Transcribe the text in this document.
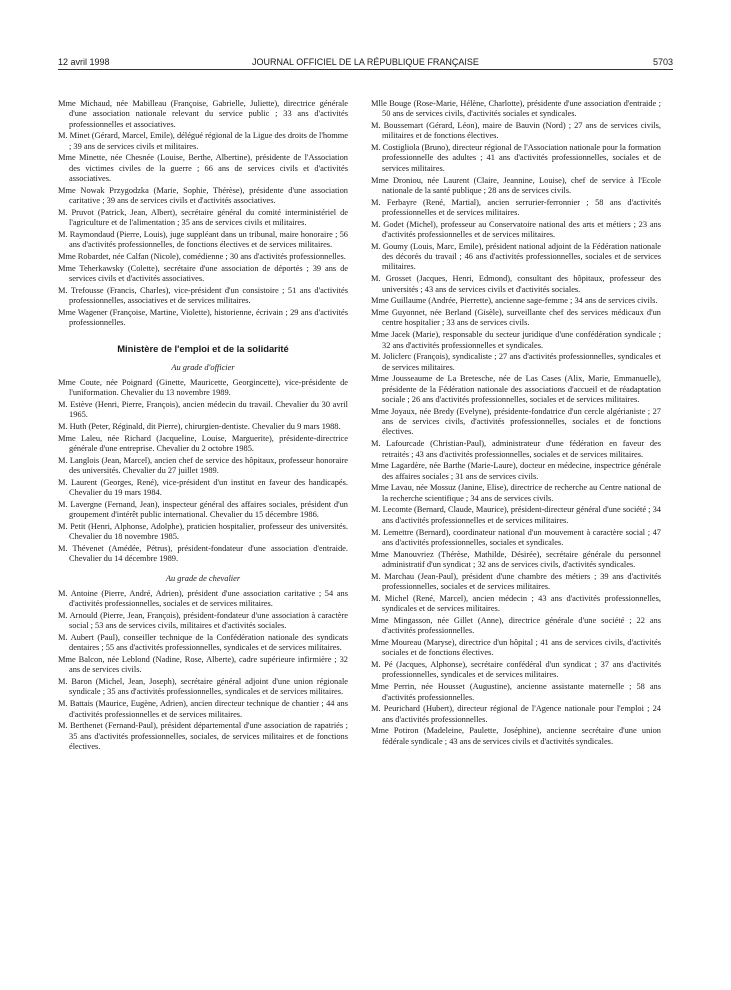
12 avril 1998	JOURNAL OFFICIEL DE LA RÉPUBLIQUE FRANÇAISE	5703

Mme Michaud, née Mabilleau (Françoise, Gabrielle, Juliette), directrice générale d'une association nationale relevant du service public ; 33 ans d'activités professionnelles et associatives.

M. Minet (Gérard, Marcel, Emile), délégué régional de la Ligue des droits de l'homme ; 39 ans de services civils et militaires.

Mme Minette, née Chesnée (Louise, Berthe, Albertine), présidente de l'Association des victimes civiles de la guerre ; 66 ans de services civils et d'activités associatives.

Mme Nowak Przygodzka (Marie, Sophie, Thérèse), présidente d'une association caritative ; 39 ans de services civils et d'activités associatives.

M. Pruvot (Patrick, Jean, Albert), secrétaire général du comité interministériel de l'agriculture et de l'alimentation ; 35 ans de services civils et militaires.

M. Raymondaud (Pierre, Louis), juge suppléant dans un tribunal, maire honoraire ; 56 ans d'activités professionnelles, de fonctions électives et de services militaires.

Mme Robardet, née Calfan (Nicole), comédienne ; 30 ans d'activités professionnelles.

Mme Teherkawsky (Colette), secrétaire d'une association de déportés ; 39 ans de services civils et d'activités associatives.

M. Trefousse (Francis, Charles), vice-président d'un consistoire ; 51 ans d'activités professionnelles, associatives et de services militaires.

Mme Wagener (Françoise, Martine, Violette), historienne, écrivain ; 29 ans d'activités professionnelles.

Ministère de l'emploi et de la solidarité
Au grade d'officier

Mme Coute, née Poignard (Ginette, Mauricette, Georgincette), vice-présidente de l'uniformation. Chevalier du 13 novembre 1989.

M. Estève (Henri, Pierre, François), ancien médecin du travail. Chevalier du 30 avril 1965.

M. Huth (Peter, Réginald, dit Pierre), chirurgien-dentiste. Chevalier du 9 mars 1988.

Mme Laleu, née Richard (Jacqueline, Louise, Marguerite), présidente-directrice générale d'une entreprise. Chevalier du 2 octobre 1985.

M. Langlois (Jean, Marcel), ancien chef de service des hôpitaux, professeur honoraire des universités. Chevalier du 27 juillet 1989.

M. Laurent (Georges, René), vice-président d'un institut en faveur des handicapés. Chevalier du 19 mars 1984.

M. Lavergne (Fernand, Jean), inspecteur général des affaires sociales, président d'un groupement d'intérêt public international. Chevalier du 15 décembre 1986.

M. Petit (Henri, Alphonse, Adolphe), praticien hospitalier, professeur des universités. Chevalier du 18 novembre 1985.

M. Thévenet (Amédée, Pétrus), président-fondateur d'une association d'entraide. Chevalier du 14 décembre 1989.

Au grade de chevalier

M. Antoine (Pierre, André, Adrien), président d'une association caritative ; 54 ans d'activités professionnelles, sociales et de services militaires.

M. Arnould (Pierre, Jean, François), président-fondateur d'une association à caractère social ; 53 ans de services civils, militaires et d'activités sociales.

M. Aubert (Paul), conseiller technique de la Confédération nationale des syndicats dentaires ; 55 ans d'activités professionnelles, syndicales et de services militaires.

Mme Balcon, née Leblond (Nadine, Rose, Alberte), cadre supérieure infirmière ; 32 ans de services civils.

M. Baron (Michel, Jean, Joseph), secrétaire général adjoint d'une union régionale syndicale ; 35 ans d'activités professionnelles, syndicales et de services militaires.

M. Battais (Maurice, Eugène, Adrien), ancien directeur technique de chantier ; 44 ans d'activités professionnelles et de services militaires.

M. Berthenet (Fernand-Paul), président départemental d'une association de rapatriés ; 35 ans d'activités professionnelles, sociales, de services militaires et de fonctions électives.

Mlle Bouge (Rose-Marie, Hélène, Charlotte), présidente d'une association d'entraide ; 50 ans de services civils, d'activités sociales et syndicales.

M. Boussemart (Gérard, Léon), maire de Bauvin (Nord) ; 27 ans de services civils, militaires et de fonctions électives.

M. Costigliola (Bruno), directeur régional de l'Association nationale pour la formation professionnelle des adultes ; 41 ans d'activités professionnelles, sociales et de services militaires.

Mme Droniou, née Laurent (Claire, Jeannine, Louise), chef de service à l'Ecole nationale de la santé publique ; 28 ans de services civils.

M. Ferbayre (René, Martial), ancien serrurier-ferronnier ; 58 ans d'activités professionnelles et de services militaires.

M. Godet (Michel), professeur au Conservatoire national des arts et métiers ; 23 ans d'activités professionnelles et de services militaires.

M. Goumy (Louis, Marc, Emile), président national adjoint de la Fédération nationale des décorés du travail ; 46 ans d'activités professionnelles, sociales et de services militaires.

M. Grosset (Jacques, Henri, Edmond), consultant des hôpitaux, professeur des universités ; 43 ans de services civils et d'activités sociales.

Mme Guillaume (Andrée, Pierrette), ancienne sage-femme ; 34 ans de services civils.

Mme Guyonnet, née Berland (Gisèle), surveillante chef des services médicaux d'un centre hospitalier ; 33 ans de services civils.

Mme Jacek (Marie), responsable du secteur juridique d'une confédération syndicale ; 32 ans d'activités professionnelles et syndicales.

M. Joliclerc (François), syndicaliste ; 27 ans d'activités professionnelles, syndicales et de services militaires.

Mme Jousseaume de La Bretesche, née de Las Cases (Alix, Marie, Emmanuelle), présidente de la Fédération nationale des associations d'accueil et de réadaptation sociale ; 26 ans d'activités professionnelles, sociales et de services militaires.

Mme Joyaux, née Bredy (Evelyne), présidente-fondatrice d'un cercle algérianiste ; 27 ans de services civils, d'activités professionnelles, sociales et de fonctions électives.

M. Lafourcade (Christian-Paul), administrateur d'une fédération en faveur des retraités ; 43 ans d'activités professionnelles, sociales et de services militaires.

Mme Lagardère, née Barthe (Marie-Laure), docteur en médecine, inspectrice générale des affaires sociales ; 31 ans de services civils.

Mme Lavau, née Mossuz (Janine, Elise), directrice de recherche au Centre national de la recherche scientifique ; 34 ans de services civils.

M. Lecomte (Bernard, Claude, Maurice), président-directeur général d'une société ; 34 ans d'activités professionnelles et de services militaires.

M. Lemettre (Bernard), coordinateur national d'un mouvement à caractère social ; 47 ans d'activités professionnelles, sociales et syndicales.

Mme Manouvriez (Thérèse, Mathilde, Désirée), secrétaire générale du personnel administratif d'un syndicat ; 32 ans de services civils, d'activités syndicales.

M. Marchau (Jean-Paul), président d'une chambre des métiers ; 39 ans d'activités professionnelles, sociales et de services militaires.

M. Michel (René, Marcel), ancien médecin ; 43 ans d'activités professionnelles, syndicales et de services militaires.

Mme Mingasson, née Gillet (Anne), directrice générale d'une société ; 22 ans d'activités professionnelles.

Mme Moureau (Maryse), directrice d'un hôpital ; 41 ans de services civils, d'activités sociales et de fonctions électives.

M. Pé (Jacques, Alphonse), secrétaire confédéral d'un syndicat ; 37 ans d'activités professionnelles, syndicales et de services militaires.

Mme Perrin, née Housset (Augustine), ancienne assistante maternelle ; 58 ans d'activités professionnelles.

M. Peurichard (Hubert), directeur régional de l'Agence nationale pour l'emploi ; 24 ans d'activités professionnelles.

Mme Potiron (Madeleine, Paulette, Joséphine), ancienne secrétaire d'une union fédérale syndicale ; 43 ans de services civils et d'activités syndicales.
